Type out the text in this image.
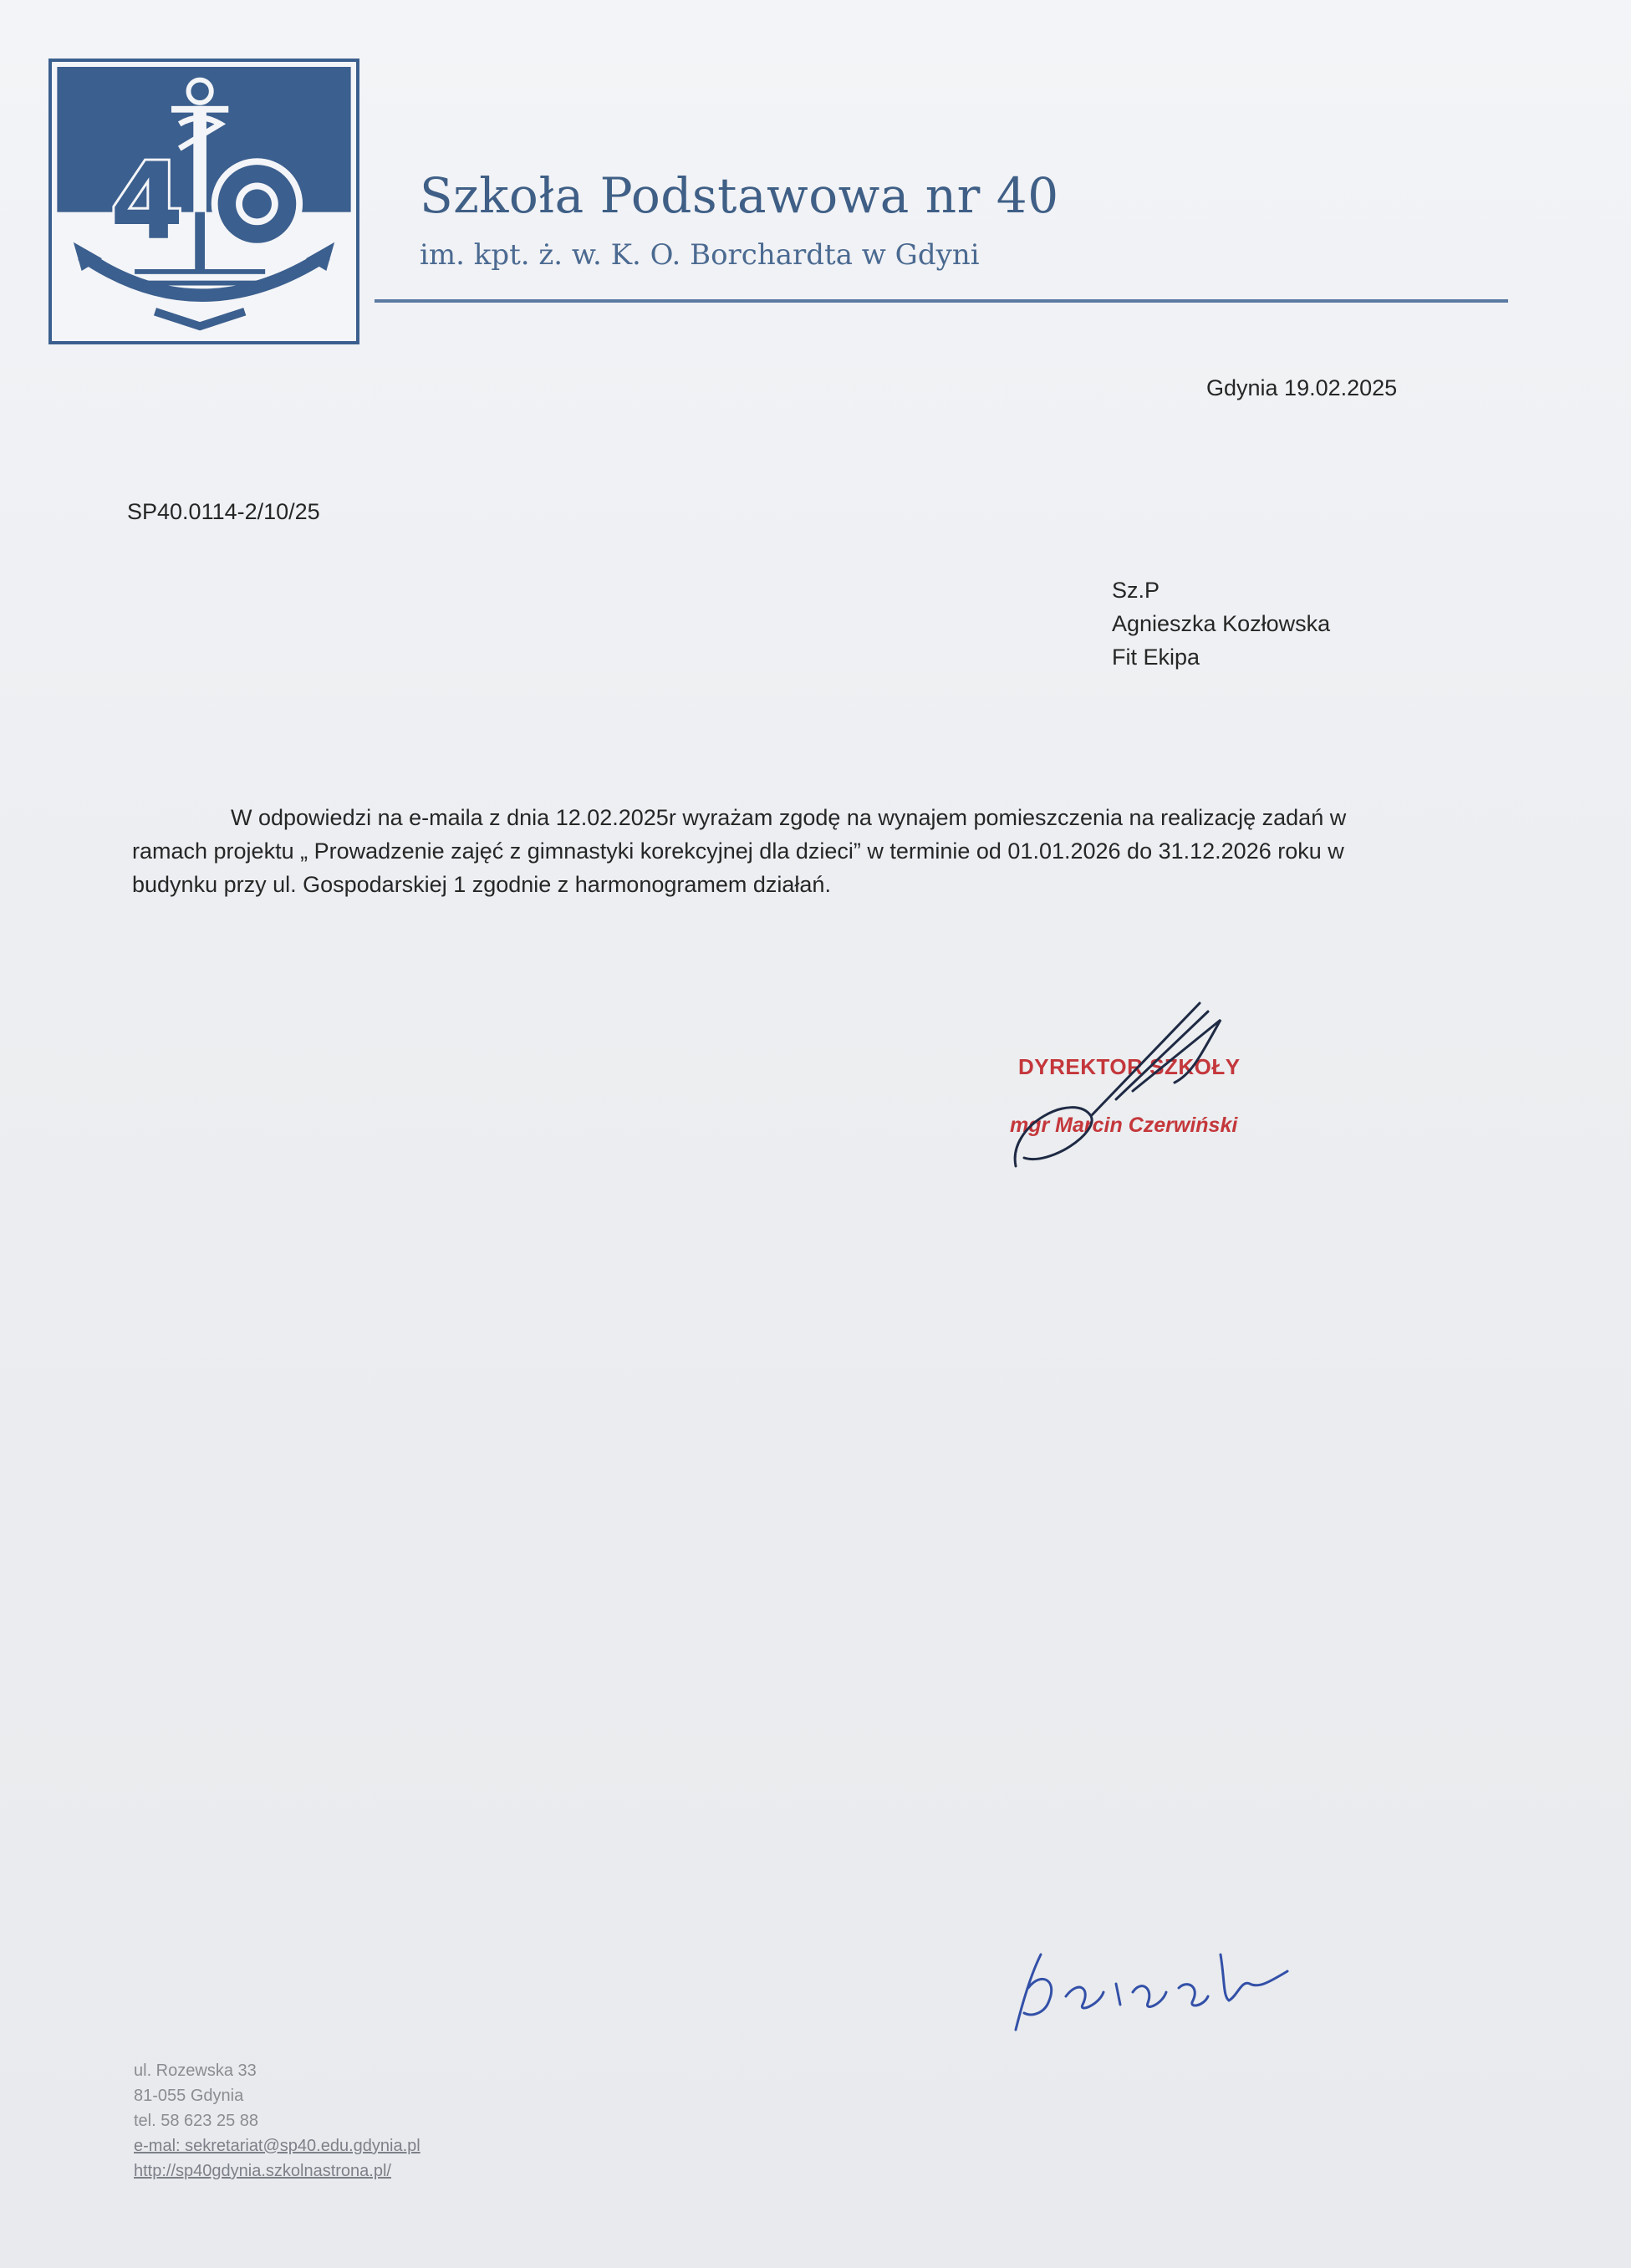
4	Szkoła Podstawowa nr 40
im. kpt. ż. w. K. O. Borchardta w Gdyni
Gdynia 19.02.2025
SP40.0114-2/10/25
Sz.P
Agnieszka Kozłowska
Fit Ekipa
W odpowiedzi na e-maila z dnia 12.02.2025r wyrażam zgodę na wynajem pomieszczenia na realizację zadań w
ramach projektu „ Prowadzenie zajęć z gimnastyki korekcyjnej dla dzieci” w terminie od 01.01.2026 do 31.12.2026 roku w
budynku przy ul. Gospodarskiej 1 zgodnie z harmonogramem działań.
DYREKTOR SZKOŁY
mgr Marcin Czerwiński
ul. Rozewska 33
81-055 Gdynia
tel. 58 623 25 88
e-mal: sekretariat@sp40.edu.gdynia.pl
http://sp40gdynia.szkolnastrona.pl/
